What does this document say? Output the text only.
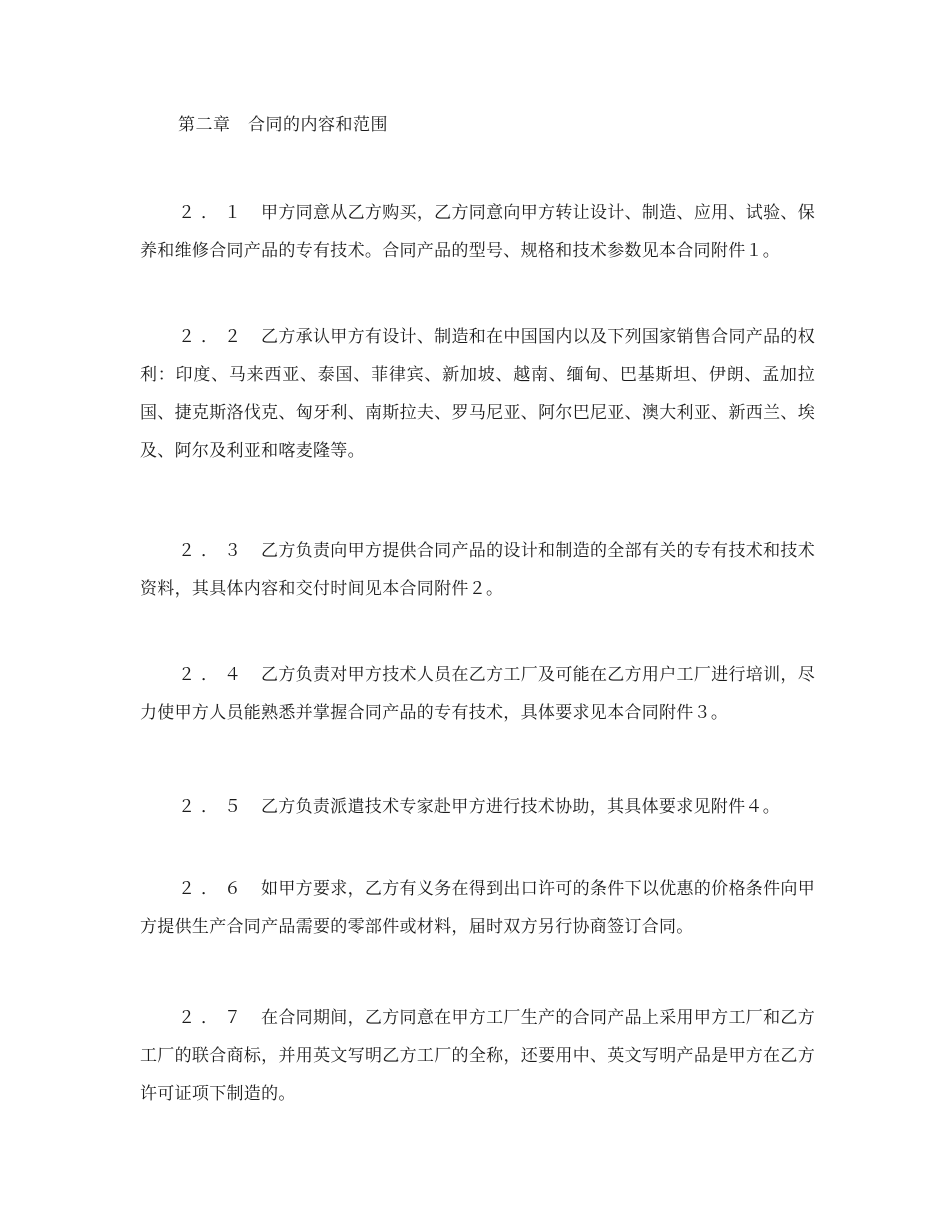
第二章　合同的内容和范围
２．１ 甲方同意从乙方购买，乙方同意向甲方转让设计、制造、应用、试验、保养和维修合同产品的专有技术。合同产品的型号、规格和技术参数见本合同附件１。
２．２ 乙方承认甲方有设计、制造和在中国国内以及下列国家销售合同产品的权利：印度、马来西亚、泰国、菲律宾、新加坡、越南、缅甸、巴基斯坦、伊朗、孟加拉国、捷克斯洛伐克、匈牙利、南斯拉夫、罗马尼亚、阿尔巴尼亚、澳大利亚、新西兰、埃及、阿尔及利亚和喀麦隆等。
２．３ 乙方负责向甲方提供合同产品的设计和制造的全部有关的专有技术和技术资料，其具体内容和交付时间见本合同附件２。
２．４ 乙方负责对甲方技术人员在乙方工厂及可能在乙方用户工厂进行培训，尽力使甲方人员能熟悉并掌握合同产品的专有技术，具体要求见本合同附件３。
２．５ 乙方负责派遣技术专家赴甲方进行技术协助，其具体要求见附件４。
２．６ 如甲方要求，乙方有义务在得到出口许可的条件下以优惠的价格条件向甲方提供生产合同产品需要的零部件或材料，届时双方另行协商签订合同。
２．７ 在合同期间，乙方同意在甲方工厂生产的合同产品上采用甲方工厂和乙方工厂的联合商标，并用英文写明乙方工厂的全称，还要用中、英文写明产品是甲方在乙方许可证项下制造的。
